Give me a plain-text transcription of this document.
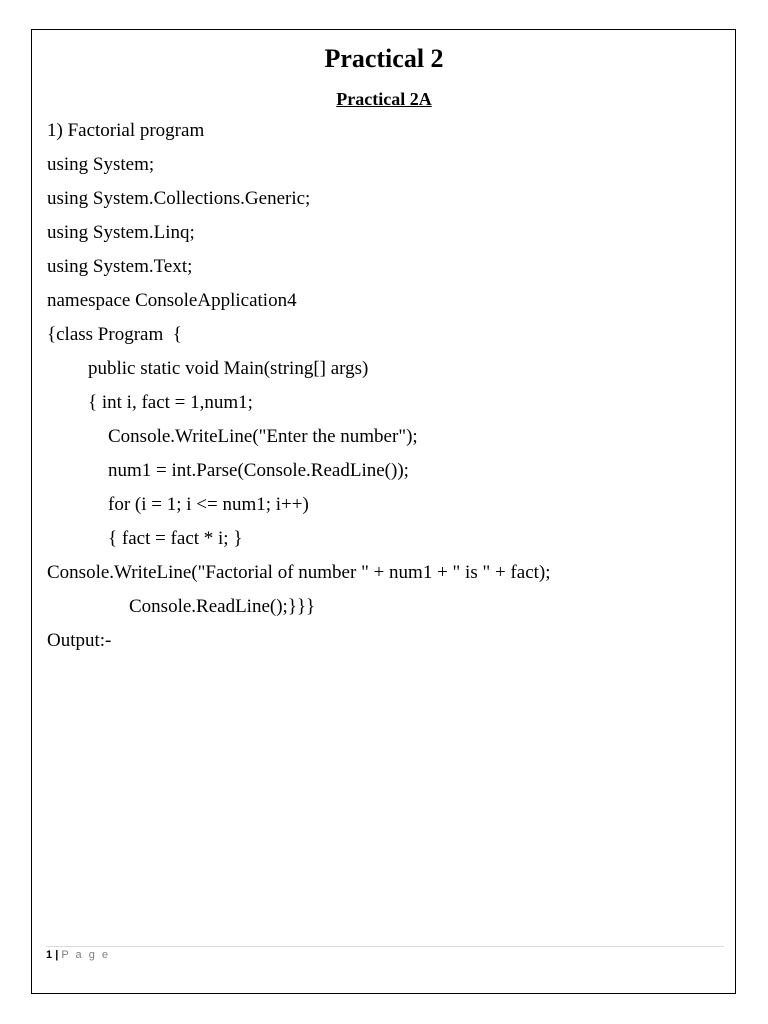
Practical 2
Practical 2A
1) Factorial program
using System;
using System.Collections.Generic;
using System.Linq;
using System.Text;
namespace ConsoleApplication4
{class Program  {
public static void Main(string[] args)
{ int i, fact = 1,num1;
Console.WriteLine("Enter the number");
num1 = int.Parse(Console.ReadLine());
for (i = 1; i <= num1; i++)
{ fact = fact * i; }
Console.WriteLine("Factorial of number " + num1 + " is " + fact);
Console.ReadLine();}}}
Output:-
1 | P a g e
